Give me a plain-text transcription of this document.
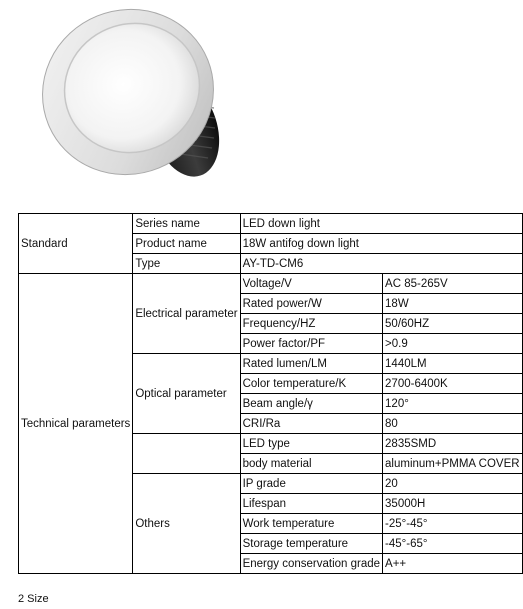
Standard	Series name	LED down light	
	Product name	18W antifog down light	
	Type	AY-TD-CM6	
Technical parameters	Electrical parameter	Voltage/V	AC 85-265V
		Rated power/W	18W
		Frequency/HZ	50/60HZ
		Power factor/PF	>0.9
	Optical parameter	Rated lumen/LM	1440LM
		Color temperature/K	2700-6400K
		Beam angle/γ	120°
		CRI/Ra	80
		LED type	2835SMD
		body material	aluminum+PMMA COVER
	Others	IP grade	20
		Lifespan	35000H
		Work temperature	-25°-45°
		Storage temperature	-45°-65°
		Energy conservation grade	A++
2 Size
